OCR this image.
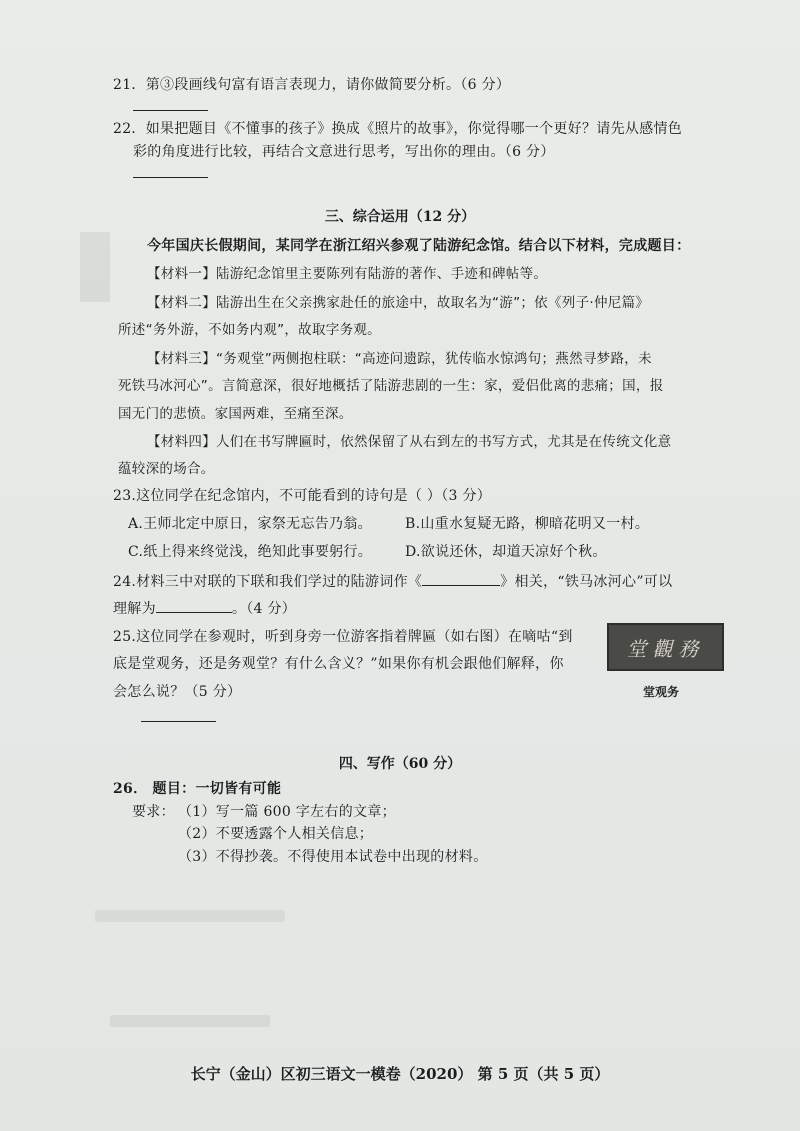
21．第③段画线句富有语言表现力，请你做简要分析。（6 分）
22．如果把题目《不懂事的孩子》换成《照片的故事》，你觉得哪一个更好？请先从感情色
彩的角度进行比较，再结合文意进行思考，写出你的理由。（6 分）
三、综合运用（12 分）
今年国庆长假期间，某同学在浙江绍兴参观了陆游纪念馆。结合以下材料，完成题目：
【材料一】陆游纪念馆里主要陈列有陆游的著作、手迹和碑帖等。
【材料二】陆游出生在父亲携家赴任的旅途中，故取名为“游”；依《列子·仲尼篇》
所述“务外游，不如务内观”，故取字务观。
【材料三】“务观堂”两侧抱柱联：“高迹问遗踪，犹传临水惊鸿句；燕然寻梦路，未
死铁马冰河心”。言简意深，很好地概括了陆游悲剧的一生：家，爱侣仳离的悲痛；国，报
国无门的悲愤。家国两难，至痛至深。
【材料四】人们在书写牌匾时，依然保留了从右到左的书写方式，尤其是在传统文化意
蕴较深的场合。
23.这位同学在纪念馆内，不可能看到的诗句是（ ）（3 分）
A.王师北定中原日，家祭无忘告乃翁。 B.山重水复疑无路，柳暗花明又一村。
C.纸上得来终觉浅，绝知此事要躬行。 D.欲说还休，却道天凉好个秋。
24.材料三中对联的下联和我们学过的陆游词作《	》相关，“铁马冰河心”可以
理解为	。（4 分）
25.这位同学在参观时，听到身旁一位游客指着牌匾（如右图）在嘀咕“到
底是堂观务，还是务观堂？有什么含义？”如果你有机会跟他们解释，你
会怎么说？（5 分）
堂觀務
堂观务
四、写作（60 分）
26． 题目：一切皆有可能
要求： （1）写一篇 600 字左右的文章；
（2）不要透露个人相关信息；
（3）不得抄袭。不得使用本试卷中出现的材料。
长宁（金山）区初三语文一模卷（2020） 第 5 页（共 5 页）
